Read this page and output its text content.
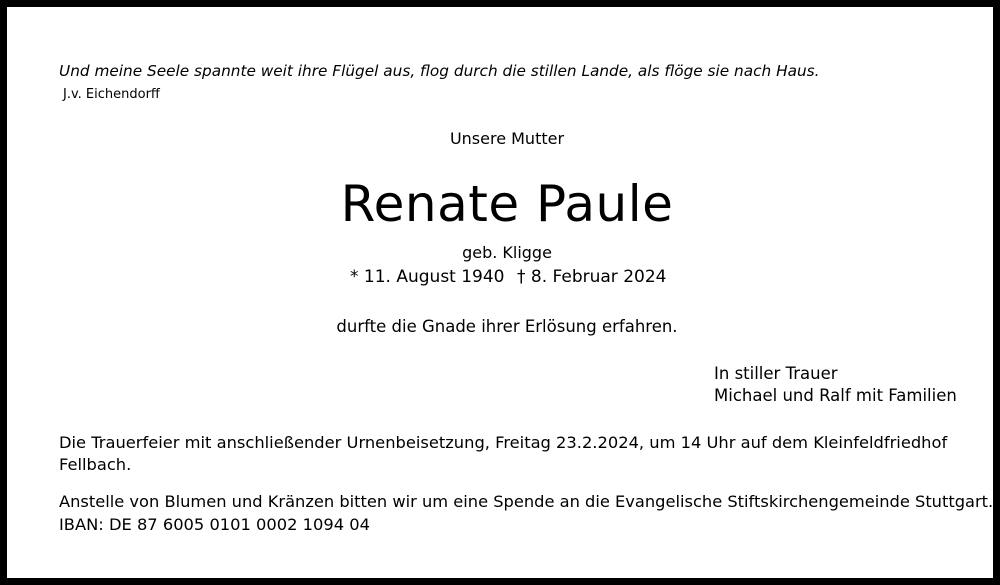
Und meine Seele spannte weit ihre Flügel aus, flog durch die stillen Lande, als flöge sie nach Haus.
J.v. Eichendorff
Unsere Mutter
Renate Paule
geb. Kligge
* 11. August 1940 † 8. Februar 2024
durfte die Gnade ihrer Erlösung erfahren.
In stiller Trauer
Michael und Ralf mit Familien
Die Trauerfeier mit anschließender Urnenbeisetzung, Freitag 23.2.2024, um 14 Uhr auf dem Kleinfeldfriedhof
Fellbach.
Anstelle von Blumen und Kränzen bitten wir um eine Spende an die Evangelische Stiftskirchengemeinde Stuttgart.
IBAN: DE 87 6005 0101 0002 1094 04
